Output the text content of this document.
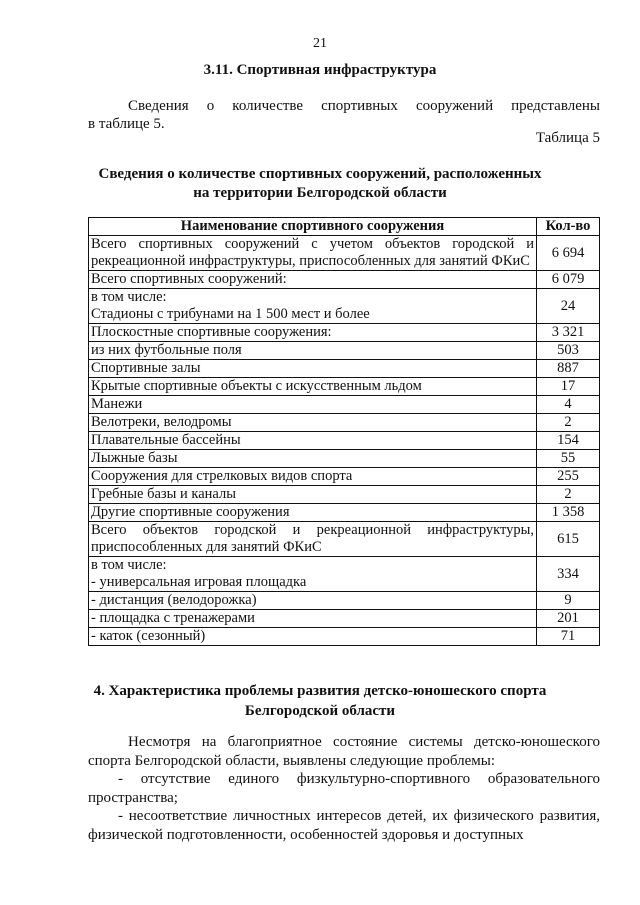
21
3.11. Спортивная инфраструктура
Сведения о количестве спортивных сооружений представлены
в таблице 5.
Таблица 5
Сведения о количестве спортивных сооружений, расположенных
на территории Белгородской области
Наименование спортивного сооружения	Кол-во
Всего спортивных сооружений с учетом объектов городской и рекреационной инфраструктуры, приспособленных для занятий ФКиС	6 694
Всего спортивных сооружений:	6 079

в том числе:
Стадионы с трибунами на 1 500 мест и более	24
Плоскостные спортивные сооружения:	3 321
из них футбольные поля	503
Спортивные залы	887
Крытые спортивные объекты с искусственным льдом	17
Манежи	4
Велотреки, велодромы	2
Плавательные бассейны	154
Лыжные базы	55
Сооружения для стрелковых видов спорта	255
Гребные базы и каналы	2
Другие спортивные сооружения	1 358
Всего объектов городской и рекреационной инфраструктуры, приспособленных для занятий ФКиС	615

в том числе:
- универсальная игровая площадка	334
- дистанция (велодорожка)	9
- площадка с тренажерами	201
- каток (сезонный)	71
4. Характеристика проблемы развития детско-юношеского спорта
Белгородской области

Несмотря на благоприятное состояние системы детско-юношеского спорта Белгородской области, выявлены следующие проблемы:

- отсутствие единого физкультурно-спортивного образовательного пространства;

- несоответствие личностных интересов детей, их физического развития, физической подготовленности, особенностей здоровья и доступных
